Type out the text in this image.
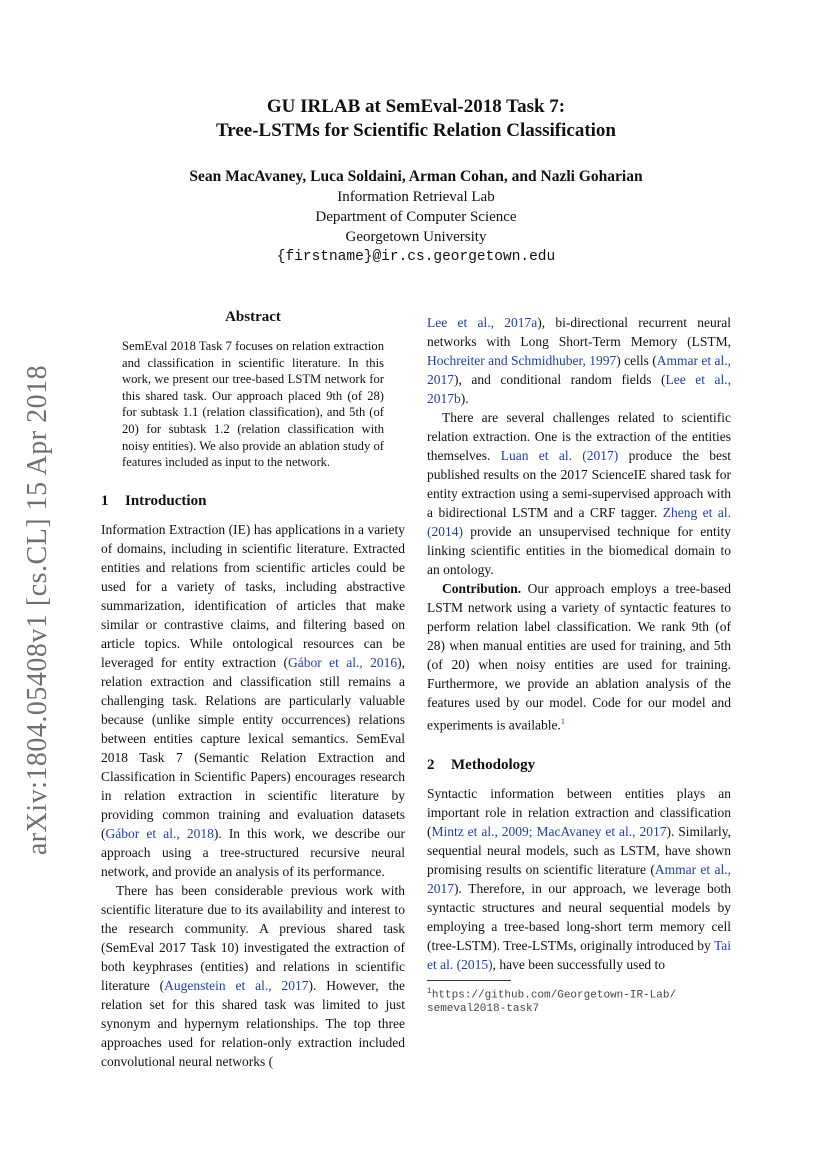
arXiv:1804.05408v1 [cs.CL] 15 Apr 2018
GU IRLAB at SemEval-2018 Task 7:
Tree-LSTMs for Scientific Relation Classification
Sean MacAvaney, Luca Soldaini, Arman Cohan, and Nazli Goharian
Information Retrieval Lab
Department of Computer Science
Georgetown University
{firstname}@ir.cs.georgetown.edu
Abstract
SemEval 2018 Task 7 focuses on relation extraction and classification in scientific literature. In this work, we present our tree-based LSTM network for this shared task. Our approach placed 9th (of 28) for subtask 1.1 (relation classification), and 5th (of 20) for subtask 1.2 (relation classification with noisy entities). We also provide an ablation study of features included as input to the network.
1 Introduction

Information Extraction (IE) has applications in a variety of domains, including in scientific literature. Extracted entities and relations from scientific articles could be used for a variety of tasks, including abstractive summarization, identification of articles that make similar or contrastive claims, and filtering based on article topics. While ontological resources can be leveraged for entity extraction (Gábor et al., 2016), relation extraction and classification still remains a challenging task. Relations are particularly valuable because (unlike simple entity occurrences) relations between entities capture lexical semantics. SemEval 2018 Task 7 (Semantic Relation Extraction and Classification in Scientific Papers) encourages research in relation extraction in scientific literature by providing common training and evaluation datasets (Gábor et al., 2018). In this work, we describe our approach using a tree-structured recursive neural network, and provide an analysis of its performance.

There has been considerable previous work with scientific literature due to its availability and interest to the research community. A previous shared task (SemEval 2017 Task 10) investigated the extraction of both keyphrases (entities) and relations in scientific literature (Augenstein et al., 2017). However, the relation set for this shared task was limited to just synonym and hypernym relationships. The top three approaches used for relation-only extraction included convolutional neural networks (

Lee et al., 2017a), bi-directional recurrent neural networks with Long Short-Term Memory (LSTM, Hochreiter and Schmidhuber, 1997) cells (Ammar et al., 2017), and conditional random fields (Lee et al., 2017b).

There are several challenges related to scientific relation extraction. One is the extraction of the entities themselves. Luan et al. (2017) produce the best published results on the 2017 ScienceIE shared task for entity extraction using a semi-supervised approach with a bidirectional LSTM and a CRF tagger. Zheng et al. (2014) provide an unsupervised technique for entity linking scientific entities in the biomedical domain to an ontology.

Contribution. Our approach employs a tree-based LSTM network using a variety of syntactic features to perform relation label classification. We rank 9th (of 28) when manual entities are used for training, and 5th (of 20) when noisy entities are used for training. Furthermore, we provide an ablation analysis of the features used by our model. Code for our model and experiments is available.$^1$

2 Methodology

Syntactic information between entities plays an important role in relation extraction and classification (Mintz et al., 2009; MacAvaney et al., 2017). Similarly, sequential neural models, such as LSTM, have shown promising results on scientific literature (Ammar et al., 2017). Therefore, in our approach, we leverage both syntactic structures and neural sequential models by employing a tree-based long-short term memory cell (tree-LSTM). Tree-LSTMs, originally introduced by Tai et al. (2015), have been successfully used to

$^1$https://github.com/Georgetown-IR-Lab/
semeval2018-task7
